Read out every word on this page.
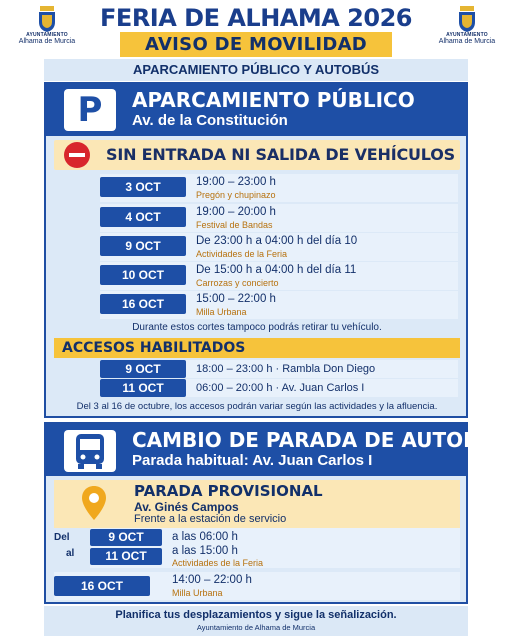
AYUNTAMIENTO
Alhama de Murcia
AYUNTAMIENTO
Alhama de Murcia
FERIA DE ALHAMA 2026
AVISO DE MOVILIDAD
APARCAMIENTO PÚBLICO Y AUTOBÚS
P	APARCAMIENTO PÚBLICO
Av. de la Constitución
SIN ENTRADA NI SALIDA DE VEHÍCULOS
3 OCT	19:00 – 23:00 h
Pregón y chupinazo
4 OCT	19:00 – 20:00 h
Festival de Bandas
9 OCT	De 23:00 h a 04:00 h del día 10
Actividades de la Feria
10 OCT	De 15:00 h a 04:00 h del día 11
Carrozas y concierto
16 OCT	15:00 – 22:00 h
Milla Urbana
Durante estos cortes tampoco podrás retirar tu vehículo.
ACCESOS HABILITADOS
9 OCT	18:00 – 23:00 h · Rambla Don Diego
11 OCT	06:00 – 20:00 h · Av. Juan Carlos I
Del 3 al 16 de octubre, los accesos podrán variar según las actividades y la afluencia.
CAMBIO DE PARADA DE AUTOBÚS
Parada habitual: Av. Juan Carlos I
PARADA PROVISIONAL
Av. Ginés Campos
Frente a la estación de servicio
Del
al
9 OCT	a las 06:00 h
11 OCT	a las 15:00 h
Actividades de la Feria
16 OCT	14:00 – 22:00 h
Milla Urbana
Planifica tus desplazamientos y sigue la señalización.
Ayuntamiento de Alhama de Murcia
